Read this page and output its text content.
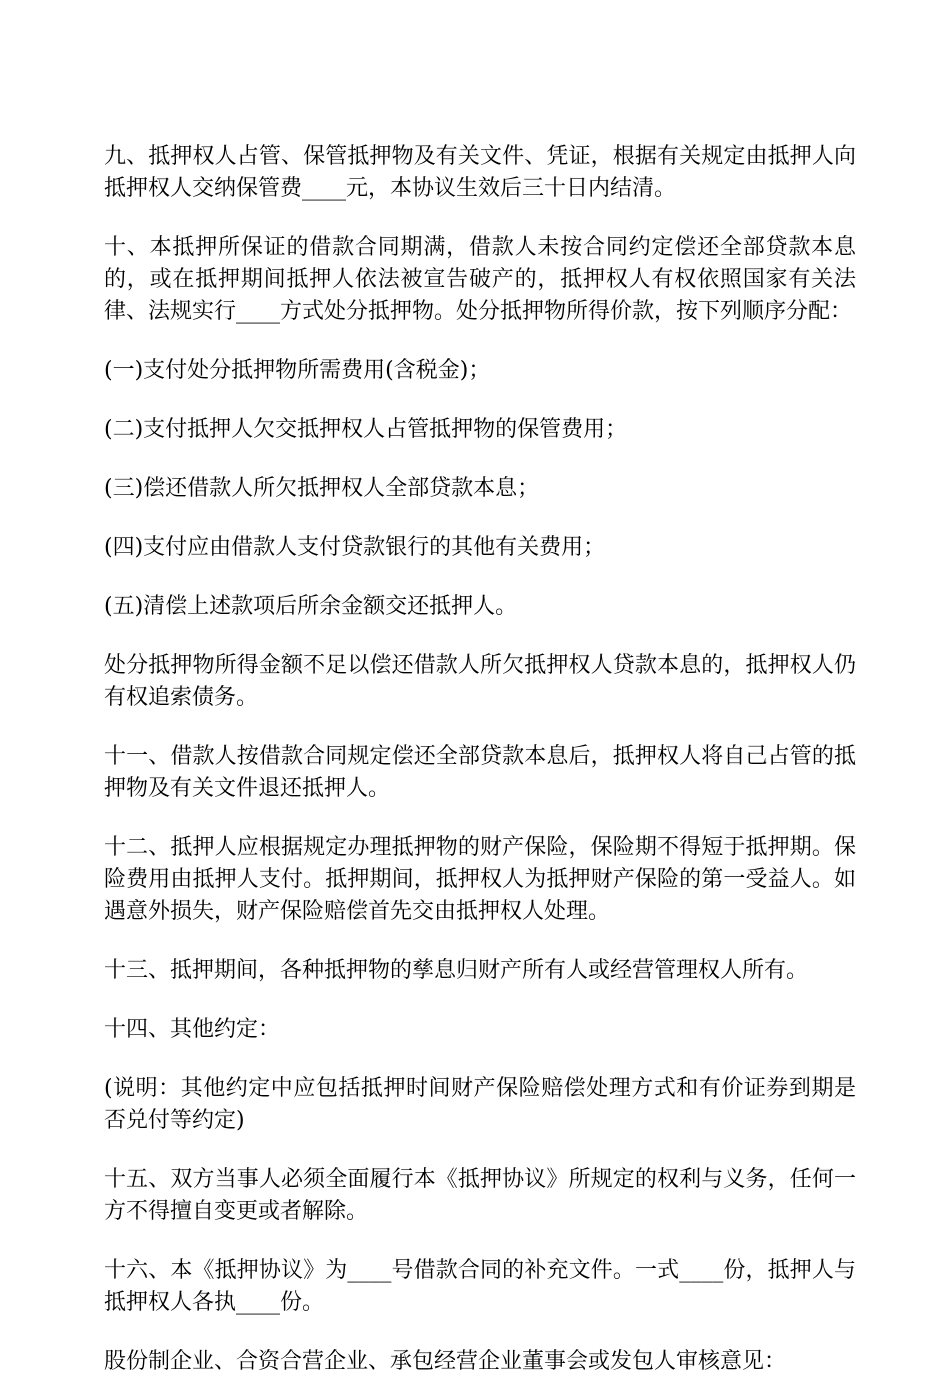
九、抵押权人占管、保管抵押物及有关文件、凭证，根据有关规定由抵押人向抵押权人交纳保管费____元，本协议生效后三十日内结清。

十、本抵押所保证的借款合同期满，借款人未按合同约定偿还全部贷款本息的，或在抵押期间抵押人依法被宣告破产的，抵押权人有权依照国家有关法律、法规实行____方式处分抵押物。处分抵押物所得价款，按下列顺序分配：

(一)支付处分抵押物所需费用(含税金)；

(二)支付抵押人欠交抵押权人占管抵押物的保管费用；

(三)偿还借款人所欠抵押权人全部贷款本息；

(四)支付应由借款人支付贷款银行的其他有关费用；

(五)清偿上述款项后所余金额交还抵押人。

处分抵押物所得金额不足以偿还借款人所欠抵押权人贷款本息的，抵押权人仍有权追索债务。

十一、借款人按借款合同规定偿还全部贷款本息后，抵押权人将自己占管的抵押物及有关文件退还抵押人。

十二、抵押人应根据规定办理抵押物的财产保险，保险期不得短于抵押期。保险费用由抵押人支付。抵押期间，抵押权人为抵押财产保险的第一受益人。如遇意外损失，财产保险赔偿首先交由抵押权人处理。

十三、抵押期间，各种抵押物的孳息归财产所有人或经营管理权人所有。

十四、其他约定：

(说明：其他约定中应包括抵押时间财产保险赔偿处理方式和有价证券到期是否兑付等约定)

十五、双方当事人必须全面履行本《抵押协议》所规定的权利与义务，任何一方不得擅自变更或者解除。

十六、本《抵押协议》为____号借款合同的补充文件。一式____份，抵押人与抵押权人各执____份。

股份制企业、合资合营企业、承包经营企业董事会或发包人审核意见：
